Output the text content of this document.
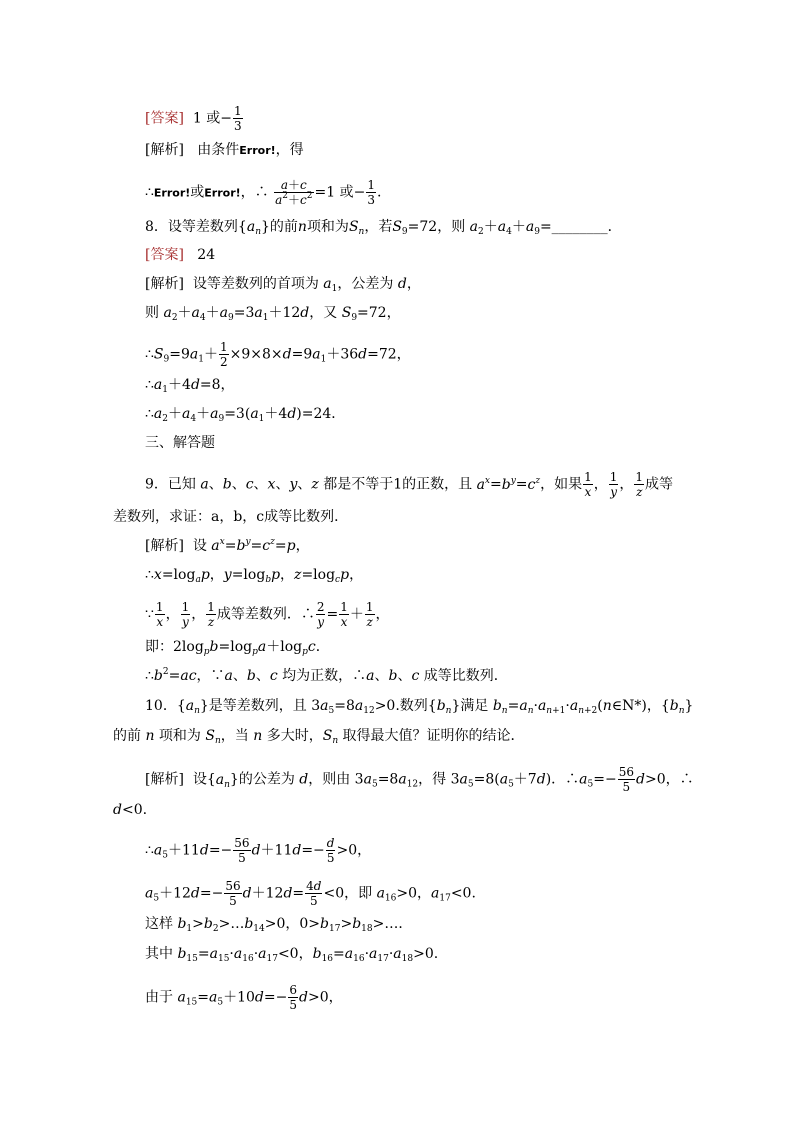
[答案] 1 或− $\frac{1}{3}$
[解析] 由条件Error!，得
∴Error!或Error!，∴ $\frac{a+c}{a^2+c^2} =1$ 或− $\frac{1}{3}$ .
8．设等差数列$\{a_n\}$的前n项和为$S_n$，若$S_9=72$，则 $a_2+a_4+a_9=\_\_\_\_\_\_\_\_$．
[答案] 24
[解析]  设等差数列的首项为 $a_1$，公差为 d，
则 $a_2+a_4+a_9=3a_1+12d$，又 $S_9=72$，
$\therefore S_9=9a_1+ \frac{1}{2} \times 9\times 8\times d=9a_1+36d=72$，
$\therefore a_1+4d=8$，
$\therefore a_2+a_4+a_9=3(a_1+4d)=24$．
三、解答题
9．已知 a、b、c、x、y、z 都是不等于1的正数，且 $a^x=b^y=c^z$，如果 $\frac{1}{x}$ ， $\frac{1}{y}$ ， $\frac{1}{z}$ 成等
差数列，求证：a，b，c成等比数列．
[解析]  设 $a^x=b^y=c^z=p$，
$\therefore x=\log_ap$，$y=\log_bp$，$z=\log_cp$，
∵ $\frac{1}{x}$ ， $\frac{1}{y}$ ， $\frac{1}{z}$ 成等差数列．∴ $\frac{2}{y} = \frac{1}{x} + \frac{1}{z}$ ，
即：$2\log_pb=\log_pa+\log_pc$．
$\therefore b^2=ac$，∵a、b、c 均为正数，∴a、b、c 成等比数列．
10．$\{a_n\}$是等差数列，且 $3a_5=8a_{12}>0$.数列$\{b_n\}$满足 $b_n=a_n\cdot a_{n+1}\cdot a_{n+2}(n\in N*)$，$\{b_n\}$
的前 n 项和为 $S_n$，当 n 多大时，$S_n$ 取得最大值？证明你的结论．
[解析]  设$\{a_n\}$的公差为 d，则由 $3a_5=8a_{12}$，得 $3a_5=8(a_5+7d)$．$\therefore a_5=- \frac{56}{5} d>0$，∴
d<0.
$\therefore a_5+11d=- \frac{56}{5} d+11d=- \frac{d}{5} >0$，
$a_5+12d=- \frac{56}{5} d+12d= \frac{4d}{5} <0$，即 $a_{16}>0$，$a_{17}<0$.
这样 $b_1>b_2>\dots b_{14}>0$，$0>b_{17}>b_{18}>\dots$．
其中 $b_{15}=a_{15}\cdot a_{16}\cdot a_{17}<0$，$b_{16}=a_{16}\cdot a_{17}\cdot a_{18}>0$.
由于 $a_{15}=a_5+10d=- \frac{6}{5} d>0$，
